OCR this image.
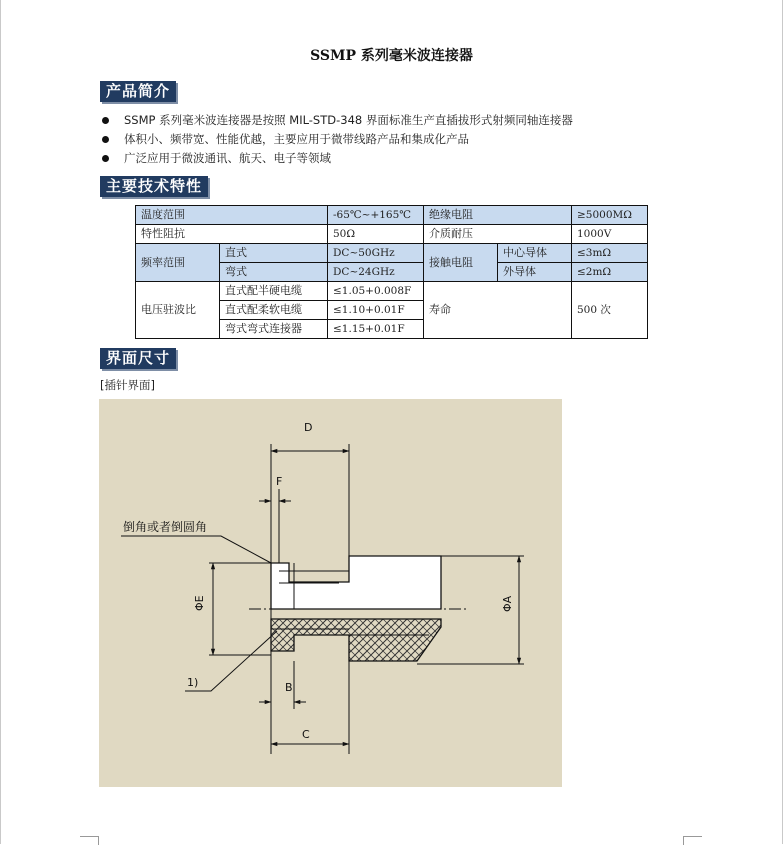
SSMP 系列毫米波连接器
产品简介
SSMP 系列毫米波连接器是按照 MIL-STD-348 界面标准生产直插拔形式射频同轴连接器
体积小、频带宽、性能优越，主要应用于微带线路产品和集成化产品
广泛应用于微波通讯、航天、电子等领域
主要技术特性
温度范围		-65℃~+165℃	绝缘电阻		≥5000MΩ
特性阻抗		50Ω	介质耐压		1000V
频率范围	直式	DC~50GHz	接触电阻	中心导体	≤3mΩ
	弯式	DC~24GHz		外导体	≤2mΩ
电压驻波比	直式配半硬电缆	≤1.05+0.008F	寿命		500 次
	直式配柔软电缆	≤1.10+0.01F			
	弯式弯式连接器	≤1.15+0.01F			
界面尺寸
[插针界面]
D
F
倒角或者倒圆角
ΦE	ΦA
1)	B
C
